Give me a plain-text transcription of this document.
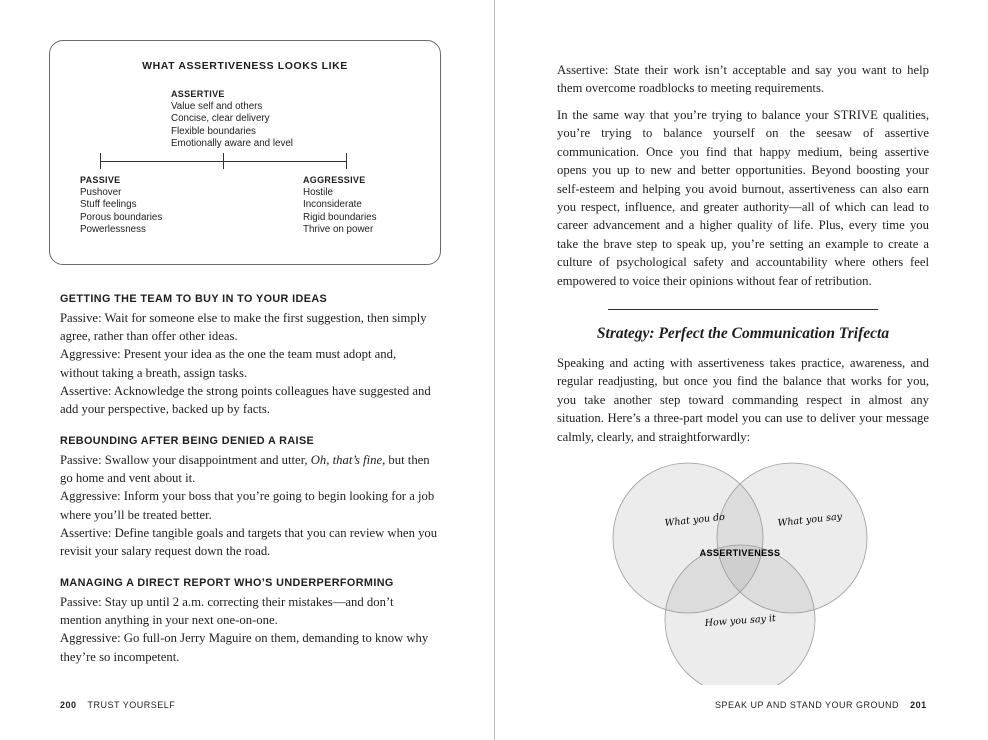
WHAT ASSERTIVENESS LOOKS LIKE
ASSERTIVE
Value self and others
Concise, clear delivery
Flexible boundaries
Emotionally aware and level
PASSIVE
Pushover
Stuff feelings
Porous boundaries
Powerlessness
AGGRESSIVE
Hostile
Inconsiderate
Rigid boundaries
Thrive on power
GETTING THE TEAM TO BUY IN TO YOUR IDEAS

Passive: Wait for someone else to make the first suggestion, then simply agree, rather than offer other ideas.

Aggressive: Present your idea as the one the team must adopt and, without taking a breath, assign tasks.

Assertive: Acknowledge the strong points colleagues have suggested and add your perspective, backed up by facts.

REBOUNDING AFTER BEING DENIED A RAISE

Passive: Swallow your disappointment and utter, Oh, that’s fine, but then go home and vent about it.

Aggressive: Inform your boss that you’re going to begin looking for a job where you’ll be treated better.

Assertive: Define tangible goals and targets that you can review when you revisit your salary request down the road.

MANAGING A DIRECT REPORT WHO’S UNDERPERFORMING

Passive: Stay up until 2 a.m. correcting their mistakes—and don’t mention anything in your next one-on-one.

Aggressive: Go full-on Jerry Maguire on them, demanding to know why they’re so incompetent.

200 TRUST YOURSELF

Assertive: State their work isn’t acceptable and say you want to help them overcome roadblocks to meeting requirements.

In the same way that you’re trying to balance your STRIVE qualities, you’re trying to balance yourself on the seesaw of assertive communication. Once you find that happy medium, being assertive opens you up to new and better opportunities. Beyond boosting your self-esteem and helping you avoid burnout, assertiveness can also earn you respect, influence, and greater authority—all of which can lead to career advancement and a higher quality of life. Plus, every time you take the brave step to speak up, you’re setting an example to create a culture of psychological safety and accountability where others feel empowered to voice their opinions without fear of retribution.

Strategy: Perfect the Communication Trifecta

Speaking and acting with assertiveness takes practice, awareness, and regular readjusting, but once you find the balance that works for you, you take another step toward commanding respect in almost any situation. Here’s a three-part model you can use to deliver your message calmly, clearly, and straightforwardly:

What you do	What you say
How you say it
ASSERTIVENESS
SPEAK UP AND STAND YOUR GROUND 201
